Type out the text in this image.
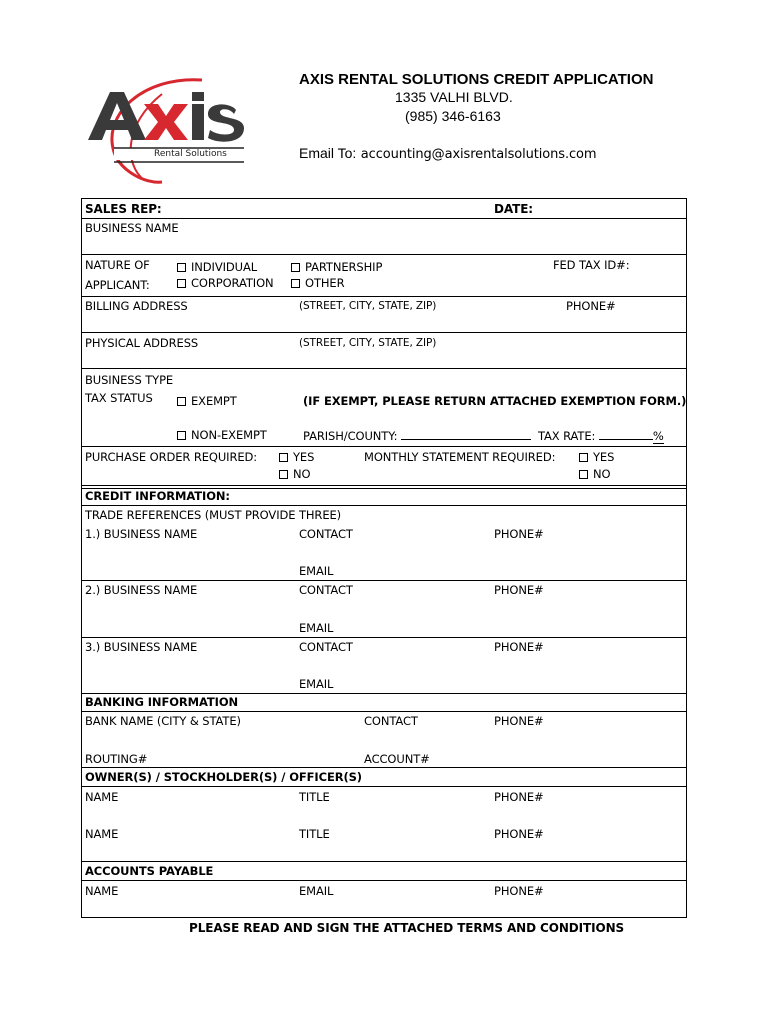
Rental Solutions
AXIS RENTAL SOLUTIONS CREDIT APPLICATION
1335 VALHI BLVD.
(985) 346-6163
Email To: accounting@axisrentalsolutions.com
SALES REP:	DATE:
BUSINESS NAME
NATURE OF
APPLICANT:
INDIVIDUAL
CORPORATION
PARTNERSHIP
OTHER
FED TAX ID#:
BILLING ADDRESS	(STREET, CITY, STATE, ZIP)	PHONE#
PHYSICAL ADDRESS	(STREET, CITY, STATE, ZIP)
BUSINESS TYPE
TAX STATUS	EXEMPT	(IF EXEMPT, PLEASE RETURN ATTACHED EXEMPTION FORM.)
NON-EXEMPT	PARISH/COUNTY:	TAX RATE:	%
PURCHASE ORDER REQUIRED:	YES
NO
MONTHLY STATEMENT REQUIRED:	YES
NO
CREDIT INFORMATION:
TRADE REFERENCES (MUST PROVIDE THREE)
1.) BUSINESS NAME	CONTACT	PHONE#
EMAIL
2.) BUSINESS NAME	CONTACT	PHONE#
EMAIL
3.) BUSINESS NAME	CONTACT	PHONE#
EMAIL
BANKING INFORMATION
BANK NAME (CITY & STATE)	CONTACT	PHONE#
ROUTING#	ACCOUNT#
OWNER(S) / STOCKHOLDER(S) / OFFICER(S)
NAME	TITLE	PHONE#
NAME	TITLE	PHONE#
ACCOUNTS PAYABLE
NAME	EMAIL	PHONE#
PLEASE READ AND SIGN THE ATTACHED TERMS AND CONDITIONS
